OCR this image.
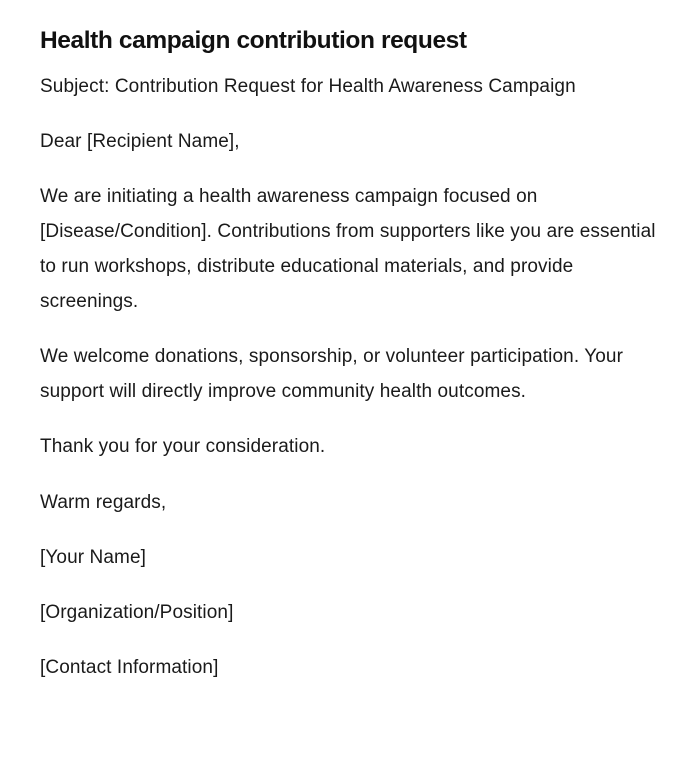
Health campaign contribution request

Subject: Contribution Request for Health Awareness Campaign

Dear [Recipient Name],

We are initiating a health awareness campaign focused on [Disease/Condition]. Contributions from supporters like you are essential to run workshops, distribute educational materials, and provide screenings.

We welcome donations, sponsorship, or volunteer participation. Your support will directly improve community health outcomes.

Thank you for your consideration.

Warm regards,

[Your Name]

[Organization/Position]

[Contact Information]
